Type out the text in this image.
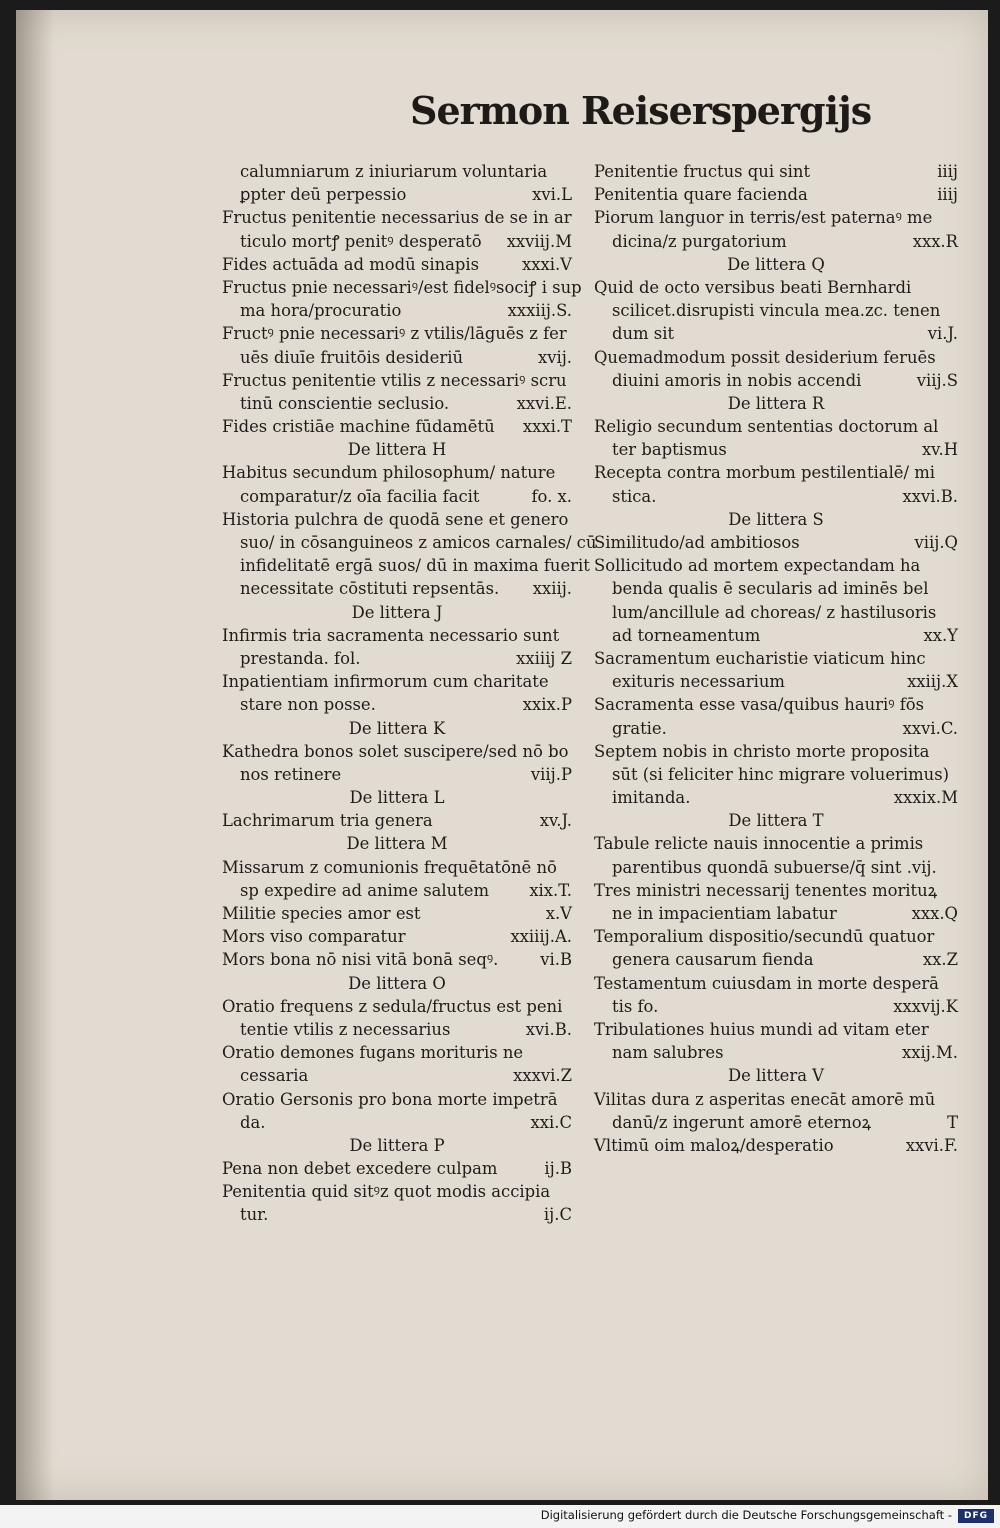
Sermon Reiserspergijs
calumniarum z iniuriarum voluntaria
ꝑpter deū perpessio	xvi.L
Fructus penitentie necessarius de se in ar
ticulo mortꝭ penitꝰ desperatō xxviij.M
Fides actuāda ad modū sinapis	xxxi.V
Fructus pnie necessariꝰ/est fidelꝰsociꝭ i sup
ma hora/procuratio	xxxiij.S.
Fructꝰ pnie necessariꝰ z vtilis/lāguēs z fer
uēs diuīe fruitōis desideriū	xvij.
Fructus penitentie vtilis z necessariꝰ scru
tinū conscientie seclusio.	xxvi.E.
Fides cristiāe machine fūdamētū xxxi.T
De littera H
Habitus secundum philosophum/ nature
comparatur/z oīa facilia facit	fo. x.
Historia pulchra de quodā sene et genero
suo/ in cōsanguineos z amicos carnales/ cū
infidelitatē ergā suos/ dū in maxima fuerit
necessitate cōstituti repsentās. xxiij.
De littera J
Infirmis tria sacramenta necessario sunt
prestanda. fol.	xxiiij Z
Inpatientiam infirmorum cum charitate
stare non posse.	xxix.P
De littera K
Kathedra bonos solet suscipere/sed nō bo
nos retinere	viij.P
De littera L
Lachrimarum tria genera	xv.J.
De littera M
Missarum z comunionis frequētatōnē nō
sp expedire ad anime salutem xix.T.
Militie species amor est	x.V
Mors viso comparatur	xxiiij.A.
Mors bona nō nisi vitā bonā seqꝰ.	vi.B
De littera O
Oratio frequens z sedula/fructus est peni
tentie vtilis z necessarius	xvi.B.
Oratio demones fugans morituris ne
cessaria	xxxvi.Z
Oratio Gersonis pro bona morte impetrā
da.	xxi.C
De littera P
Pena non debet excedere culpam	ij.B
Penitentia quid sitꝰz quot modis accipia
tur.	ij.C
Penitentie fructus qui sint	iiij
Penitentia quare facienda	iiij
Piorum languor in terris/est paternaꝰ me
dicina/z purgatorium	xxx.R
De littera Q
Quid de octo versibus beati Bernhardi
scilicet.disrupisti vincula mea.zc. tenen
dum sit	vi.J.
Quemadmodum possit desiderium feruēs
diuini amoris in nobis accendi	viij.S
De littera R
Religio secundum sententias doctorum al
ter baptismus	xv.H
Recepta contra morbum pestilentialē/ mi
stica.	xxvi.B.
De littera S
Similitudo/ad ambitiosos	viij.Q
Sollicitudo ad mortem expectandam ha
benda qualis ē secularis ad iminēs bel
lum/ancillule ad choreas/ z hastilusoris
ad torneamentum	xx.Y
Sacramentum eucharistie viaticum hinc
exituris necessarium	xxiij.X
Sacramenta esse vasa/quibus hauriꝰ fōs
gratie.	xxvi.C.
Septem nobis in christo morte proposita
sūt (si feliciter hinc migrare voluerimus)
imitanda.	xxxix.M
De littera T
Tabule relicte nauis innocentie a primis
parentibus quondā subuerse/q̄ sint .vij.
Tres ministri necessarij tenentes morituꝝ
ne in impacientiam labatur	xxx.Q
Temporalium dispositio/secundū quatuor
genera causarum fienda	xx.Z
Testamentum cuiusdam in morte desperā
tis fo.	xxxvij.K
Tribulationes huius mundi ad vitam eter
nam salubres	xxij.M.
De littera V
Vilitas dura z asperitas enecāt amorē mū
danū/z ingerunt amorē eternoꝝ	T
Vltimū oim maloꝝ/desperatio	xxvi.F.
Digitalisierung gefördert durch die Deutsche Forschungsgemeinschaft -	DFG
